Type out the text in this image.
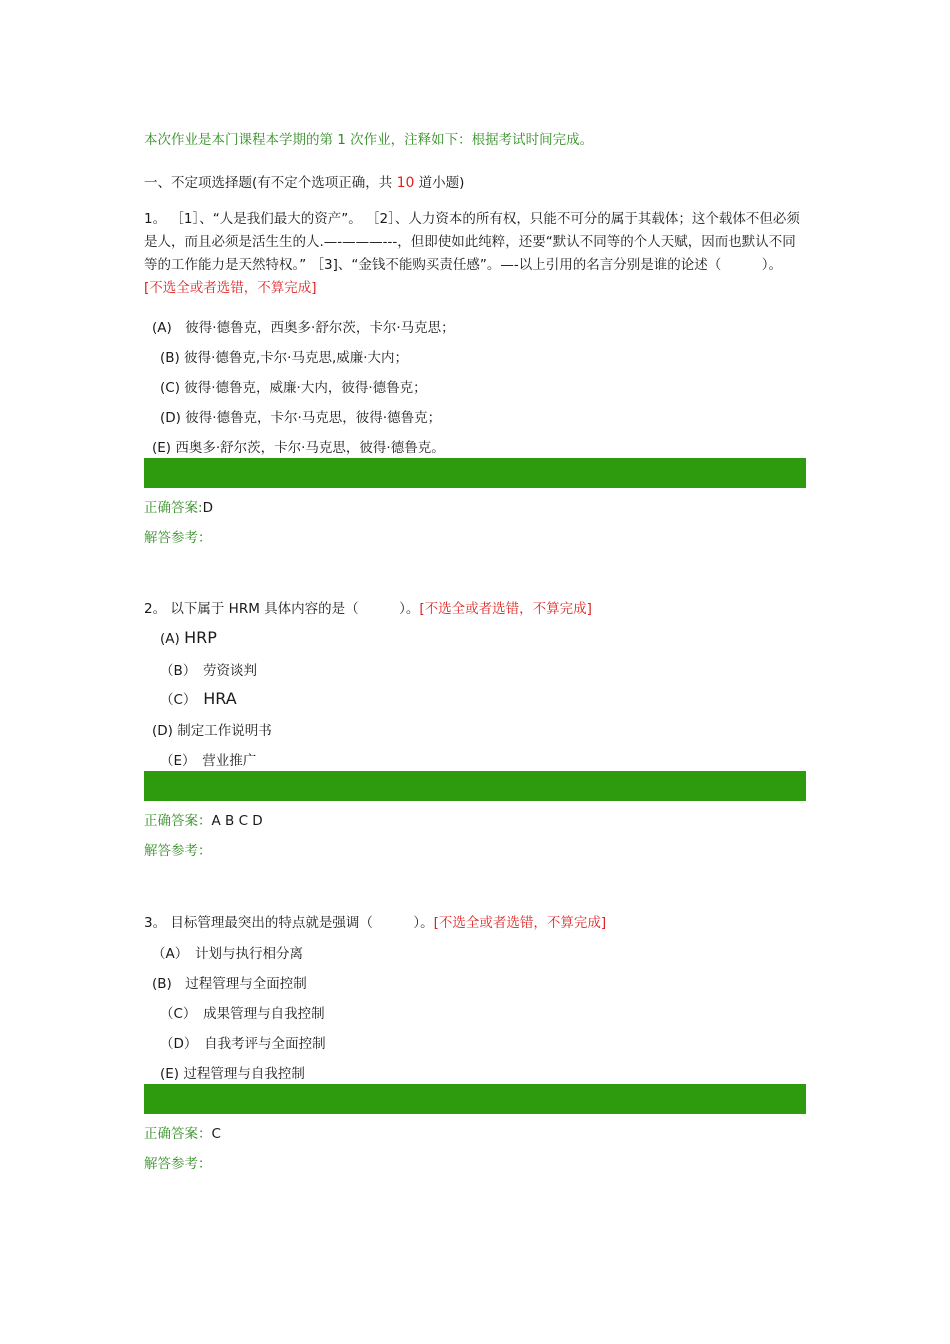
本次作业是本门课程本学期的第 1 次作业，注释如下：根据考试时间完成。
一、不定项选择题(有不定个选项正确，共 10 道小题)

1。 ［1］、“人是我们最大的资产”。 ［2］、人力资本的所有权，只能不可分的属于其载体；这个载体不但必须是人，而且必须是活生生的人.—-———---，但即使如此纯粹，还要“默认不同等的个人天赋，因而也默认不同等的工作能力是天然特权。” ［3]、“金钱不能购买责任感”。—-以上引用的名言分别是谁的论述（　　　）。　[不选全或者选错，不算完成]

(A)　彼得·德鲁克，西奥多·舒尔茨，卡尔·马克思；
(B) 彼得·德鲁克,卡尔·马克思,威廉·大内；
(C) 彼得·德鲁克，威廉·大内，彼得·德鲁克；
(D) 彼得·德鲁克，卡尔·马克思，彼得·德鲁克；
(E) 西奥多·舒尔茨，卡尔·马克思，彼得·德鲁克。
正确答案:D
解答参考：

2。 以下属于 HRM 具体内容的是（　　　）。[不选全或者选错，不算完成]

(A) HRP
（B）　劳资谈判
（C）　HRA
(D) 制定工作说明书
（E）　营业推广
正确答案：A B C D
解答参考：

3。 目标管理最突出的特点就是强调（　　　）。[不选全或者选错，不算完成]

（A）　计划与执行相分离
(B)　过程管理与全面控制
（C）　成果管理与自我控制
（D）　自我考评与全面控制
(E) 过程管理与自我控制
正确答案：C
解答参考：
